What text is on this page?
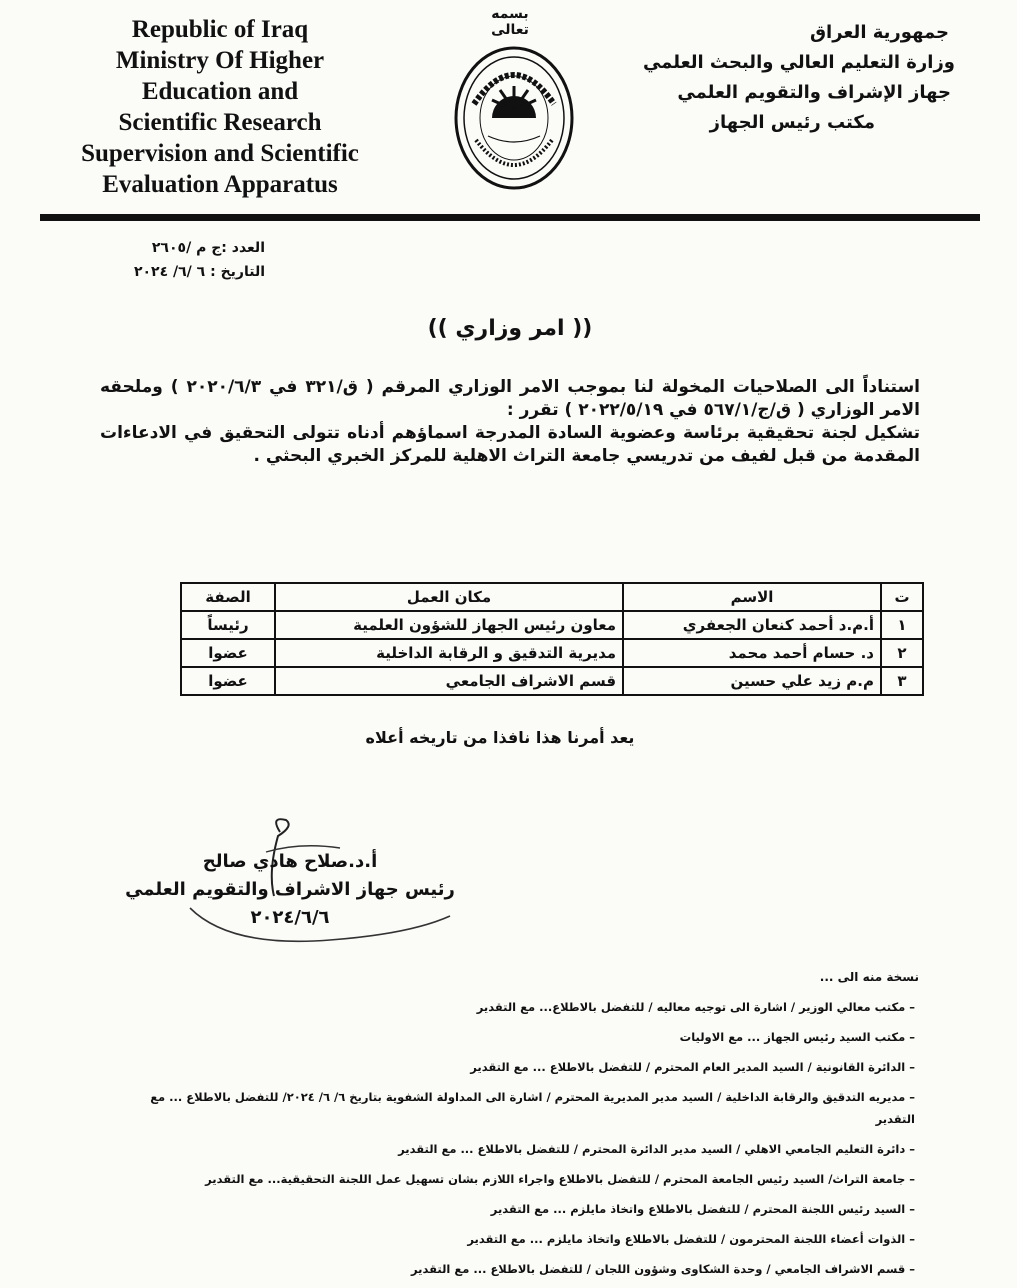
Republic of Iraq
Ministry Of Higher
Education and
Scientific Research
Supervision and Scientific
Evaluation Apparatus
بسمه تعالى	جمهورية العراق
وزارة التعليم العالي والبحث العلمي
جهاز الإشراف والتقويم العلمي
مكتب رئيس الجهاز
العدد :ج م /٢٦٠٥
التاريخ : ٦ /٦/ ٢٠٢٤
(( امر وزاري ))

استناداً الى الصلاحيات المخولة لنا بموجب الامر الوزاري المرقم ( ق/٣٢١ في ٢٠٢٠/٦/٣ ) وملحقه الامر الوزاري ( ق/ج/٥٦٧/١ في ٢٠٢٢/٥/١٩ ) تقرر :

تشكيل لجنة تحقيقية برئاسة وعضوية السادة المدرجة اسماؤهم أدناه تتولى التحقيق في الادعاءات المقدمة من قبل لفيف من تدريسي جامعة التراث الاهلية للمركز الخبري البحثي .

ت	الاسم	مكان العمل	الصفة
١	أ.م.د أحمد كنعان الجعفري	معاون رئيس الجهاز للشؤون العلمية	رئيساً
٢	د. حسام أحمد محمد	مديرية التدقيق و الرقابة الداخلية	عضوا
٣	م.م زيد علي حسين	قسم الاشراف الجامعي	عضوا
يعد أمرنا هذا نافذا من تاريخه أعلاه
أ.د.صلاح هادي صالح
رئيس جهاز الاشراف والتقويم العلمي
٢٠٢٤/٦/٦
نسخة منه الى ...
– مكتب معالي الوزير / اشارة الى توجيه معاليه / للتفضل بالاطلاع... مع التقدير
– مكتب السيد رئيس الجهاز ... مع الاوليات
– الدائرة القانونية / السيد المدير العام المحترم / للتفضل بالاطلاع ... مع التقدير
– مديريه التدقيق والرقابة الداخلية / السيد مدير المديرية المحترم / اشارة الى المداولة الشفوية بتاريخ ٦/ ٦/ ٢٠٢٤/ للتفضل بالاطلاع ... مع التقدير
– دائرة التعليم الجامعي الاهلي / السيد مدير الدائرة المحترم / للتفضل بالاطلاع ... مع التقدير
– جامعة التراث/ السيد رئيس الجامعة المحترم / للتفضل بالاطلاع واجراء اللازم بشان تسهيل عمل اللجنة التحقيقية... مع التقدير
– السيد رئيس اللجنة المحترم / للتفضل بالاطلاع واتخاذ مايلزم ... مع التقدير
– الذوات أعضاء اللجنة المحترمون / للتفضل بالاطلاع واتخاذ مايلزم ... مع التقدير
– قسم الاشراف الجامعي / وحدة الشكاوى وشؤون اللجان / للتفضل بالاطلاع ... مع التقدير
